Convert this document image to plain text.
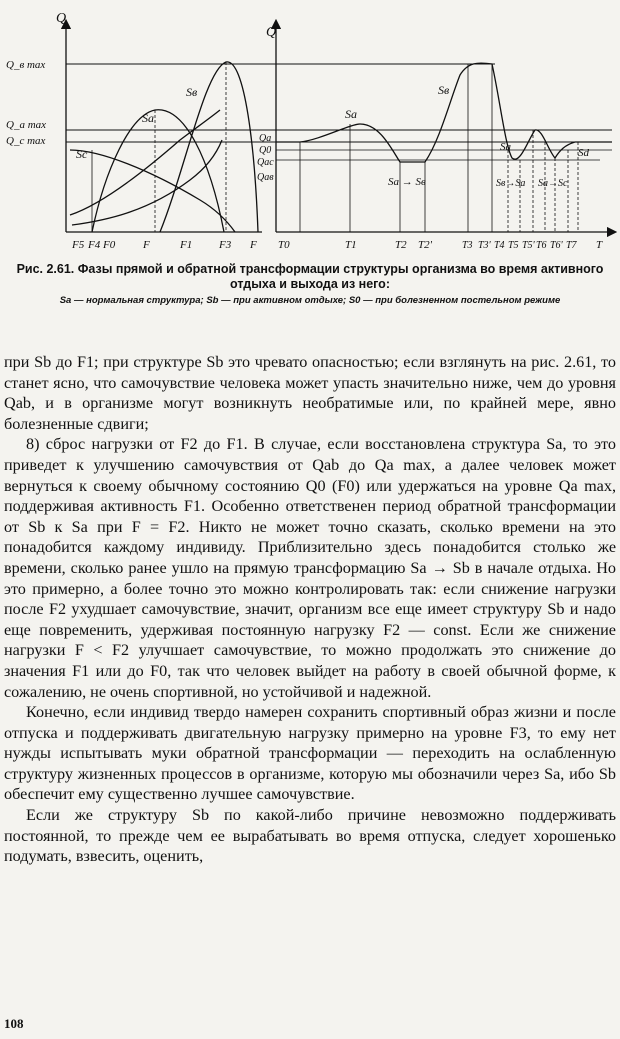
Q
Q_в max
Q_a max
Q_c max
Sa
Sв
Sc
F5 F4 F0	F	F1 F3 F
Q
Qa
Q0
Qac
Qaв
Sa
Sв
Sa → Sв
Sa
Sв→Sa Sa→Sc
Sd
T0	T1	T2 T2'	T3 T3' T4 T5 T5' T6 T6' T7 T
Рис. 2.61. Фазы прямой и обратной трансформации структуры организма во время активного отдыха и выхода из него:
Sa — нормальная структура; Sb — при активном отдыхе; S0 — при болезненном постельном режиме

при Sb до F1; при структуре Sb это чревато опасностью; если взглянуть на рис. 2.61, то станет ясно, что самочувствие человека может упасть значительно ниже, чем до уровня Qab, и в организме могут возникнуть необратимые или, по крайней мере, явно болезненные сдвиги;

8) сброс нагрузки от F2 до F1. В случае, если восстановлена структура Sa, то это приведет к улучшению самочувствия от Qab до Qa max, а далее человек может вернуться к своему обычному состоянию Q0 (F0) или удержаться на уровне Qa max, поддерживая активность F1. Особенно ответственен период обратной трансформации от Sb к Sa при F = F2. Никто не может точно сказать, сколько времени на это понадобится каждому индивиду. Приблизительно здесь понадобится столько же времени, сколько ранее ушло на прямую трансформацию Sa → Sb в начале отдыха. Но это примерно, а более точно это можно контролировать так: если снижение нагрузки после F2 ухудшает самочувствие, значит, организм все еще имеет структуру Sb и надо еще повременить, удерживая постоянную нагрузку F2 — const. Если же снижение нагрузки F < F2 улучшает самочувствие, то можно продолжать это снижение до значения F1 или до F0, так что человек выйдет на работу в своей обычной форме, к сожалению, не очень спортивной, но устойчивой и надежной.

Конечно, если индивид твердо намерен сохранить спортивный образ жизни и после отпуска и поддерживать двигательную нагрузку примерно на уровне F3, то ему нет нужды испытывать муки обратной трансформации — переходить на ослабленную структуру жизненных процессов в организме, которую мы обозначили через Sa, ибо Sb обеспечит ему существенно лучшее самочувствие.

Если же структуру Sb по какой-либо причине невозможно поддерживать постоянной, то прежде чем ее вырабатывать во время отпуска, следует хорошенько подумать, взвесить, оценить,

108
